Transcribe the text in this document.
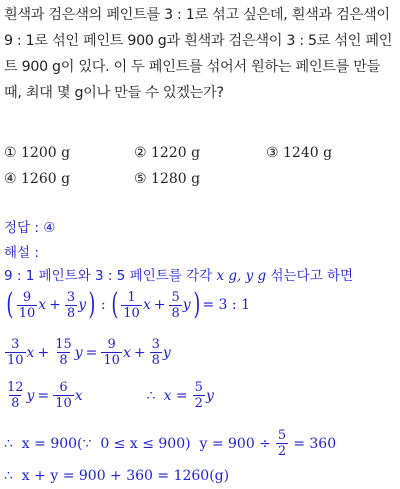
흰색과 검은색의 페인트를 3 : 1로 섞고 싶은데, 흰색과 검은색이
9 : 1로 섞인 페인트 900 g과 흰색과 검은색이 3 : 5로 섞인 페인
트 900 g이 있다. 이 두 페인트를 섞어서 원하는 페인트를 만들
때, 최대 몇 g이나 만들 수 있겠는가?
① 1200 g	② 1220 g	③ 1240 g
④ 1260 g	⑤ 1280 g
정답 : ④
해설 :
9 : 1 페인트와 3 : 5 페인트를 각각 x g, y g 섞는다고 하면
( $\frac{9}{10}$ $x + \frac{3}{8}$ y ) : ( $\frac{1}{10}$ $x + \frac{5}{8}$ y ) = 3 : 1
$\frac{3}{10}$ $x + \frac{15}{8}$ $y = \frac{9}{10}$ $x + \frac{3}{8}$ y
$\frac{12}{8}$ $y = \frac{6}{10}$ x	∴ $x = \frac{5}{2}$ y
∴  x = 900(∵  0 ≤ x ≤ 900)  $y = 900 \div \frac{5}{2} = 360$
∴  x + y = 900 + 360 = 1260(g)
